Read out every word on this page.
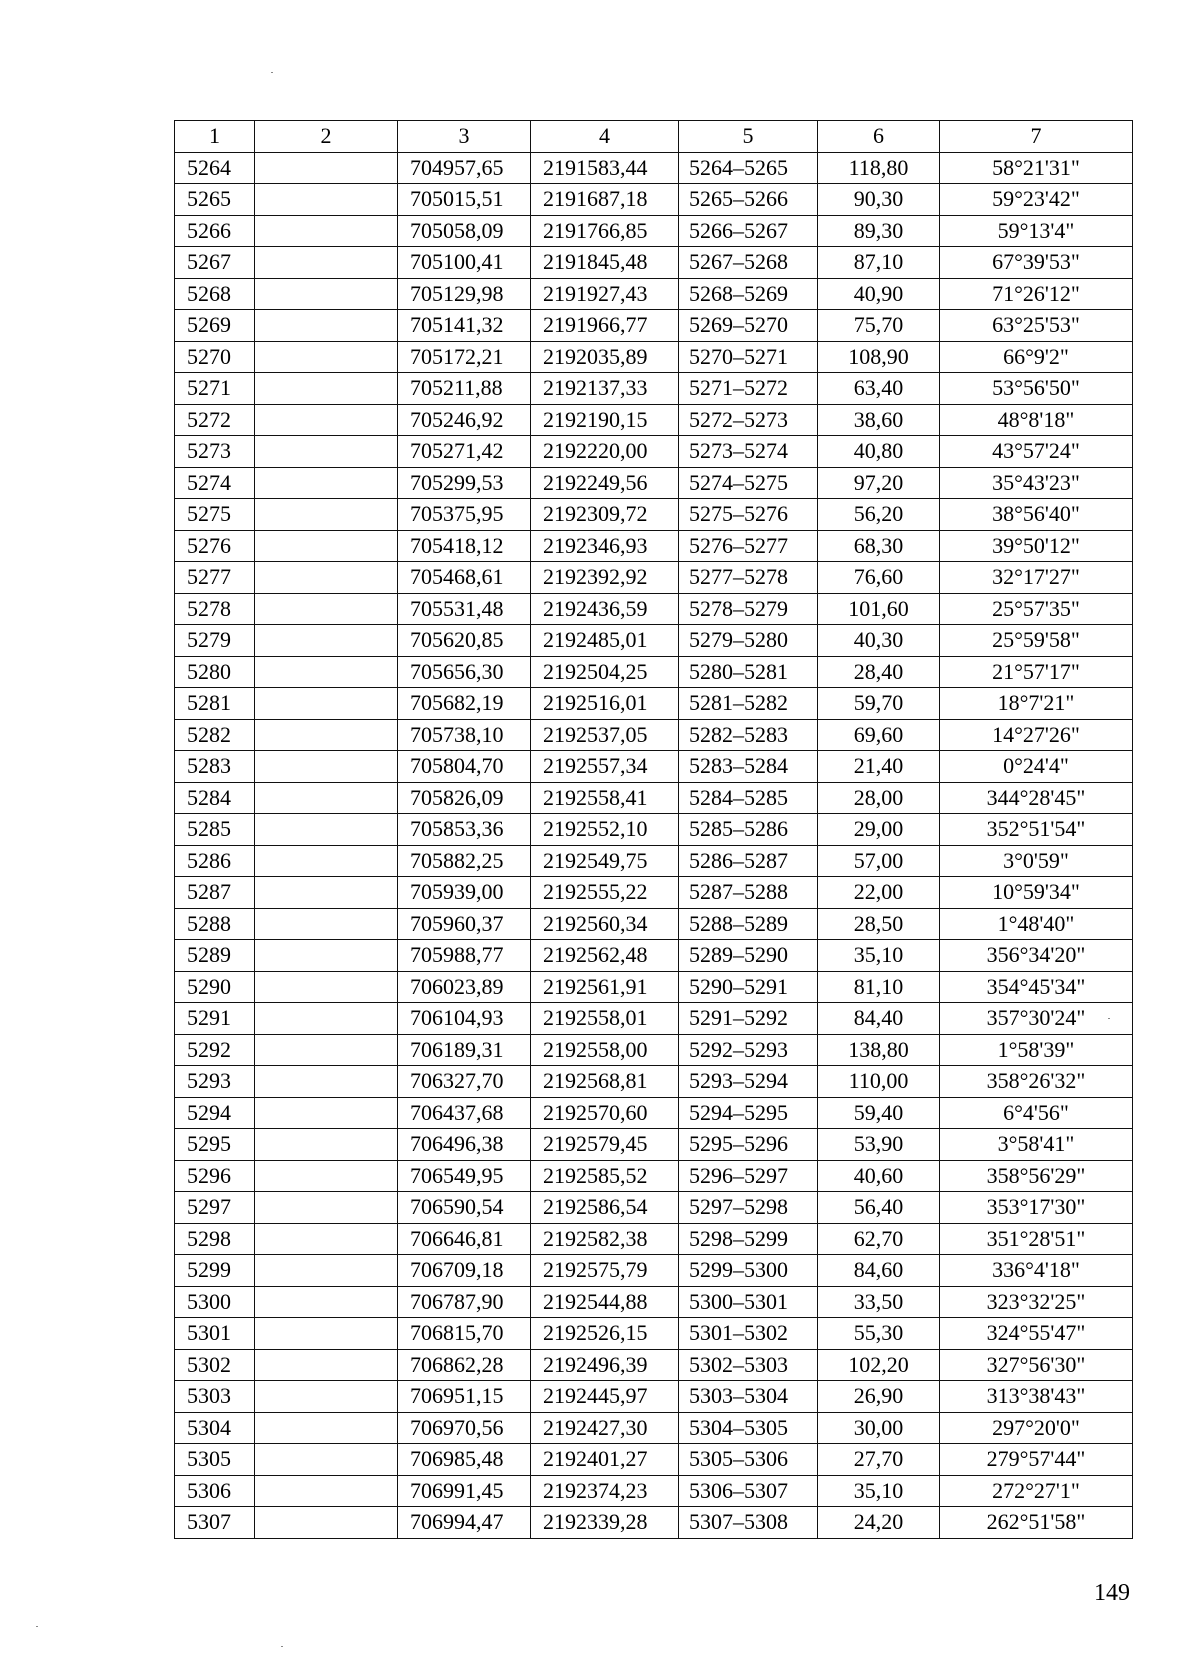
1	2	3	4	5	6	7
5264		704957,65	2191583,44	5264–5265	118,80	58°21'31"
5265		705015,51	2191687,18	5265–5266	90,30	59°23'42"
5266		705058,09	2191766,85	5266–5267	89,30	59°13'4"
5267		705100,41	2191845,48	5267–5268	87,10	67°39'53"
5268		705129,98	2191927,43	5268–5269	40,90	71°26'12"
5269		705141,32	2191966,77	5269–5270	75,70	63°25'53"
5270		705172,21	2192035,89	5270–5271	108,90	66°9'2"
5271		705211,88	2192137,33	5271–5272	63,40	53°56'50"
5272		705246,92	2192190,15	5272–5273	38,60	48°8'18"
5273		705271,42	2192220,00	5273–5274	40,80	43°57'24"
5274		705299,53	2192249,56	5274–5275	97,20	35°43'23"
5275		705375,95	2192309,72	5275–5276	56,20	38°56'40"
5276		705418,12	2192346,93	5276–5277	68,30	39°50'12"
5277		705468,61	2192392,92	5277–5278	76,60	32°17'27"
5278		705531,48	2192436,59	5278–5279	101,60	25°57'35"
5279		705620,85	2192485,01	5279–5280	40,30	25°59'58"
5280		705656,30	2192504,25	5280–5281	28,40	21°57'17"
5281		705682,19	2192516,01	5281–5282	59,70	18°7'21"
5282		705738,10	2192537,05	5282–5283	69,60	14°27'26"
5283		705804,70	2192557,34	5283–5284	21,40	0°24'4"
5284		705826,09	2192558,41	5284–5285	28,00	344°28'45"
5285		705853,36	2192552,10	5285–5286	29,00	352°51'54"
5286		705882,25	2192549,75	5286–5287	57,00	3°0'59"
5287		705939,00	2192555,22	5287–5288	22,00	10°59'34"
5288		705960,37	2192560,34	5288–5289	28,50	1°48'40"
5289		705988,77	2192562,48	5289–5290	35,10	356°34'20"
5290		706023,89	2192561,91	5290–5291	81,10	354°45'34"
5291		706104,93	2192558,01	5291–5292	84,40	357°30'24"
5292		706189,31	2192558,00	5292–5293	138,80	1°58'39"
5293		706327,70	2192568,81	5293–5294	110,00	358°26'32"
5294		706437,68	2192570,60	5294–5295	59,40	6°4'56"
5295		706496,38	2192579,45	5295–5296	53,90	3°58'41"
5296		706549,95	2192585,52	5296–5297	40,60	358°56'29"
5297		706590,54	2192586,54	5297–5298	56,40	353°17'30"
5298		706646,81	2192582,38	5298–5299	62,70	351°28'51"
5299		706709,18	2192575,79	5299–5300	84,60	336°4'18"
5300		706787,90	2192544,88	5300–5301	33,50	323°32'25"
5301		706815,70	2192526,15	5301–5302	55,30	324°55'47"
5302		706862,28	2192496,39	5302–5303	102,20	327°56'30"
5303		706951,15	2192445,97	5303–5304	26,90	313°38'43"
5304		706970,56	2192427,30	5304–5305	30,00	297°20'0"
5305		706985,48	2192401,27	5305–5306	27,70	279°57'44"
5306		706991,45	2192374,23	5306–5307	35,10	272°27'1"
5307		706994,47	2192339,28	5307–5308	24,20	262°51'58"
149
